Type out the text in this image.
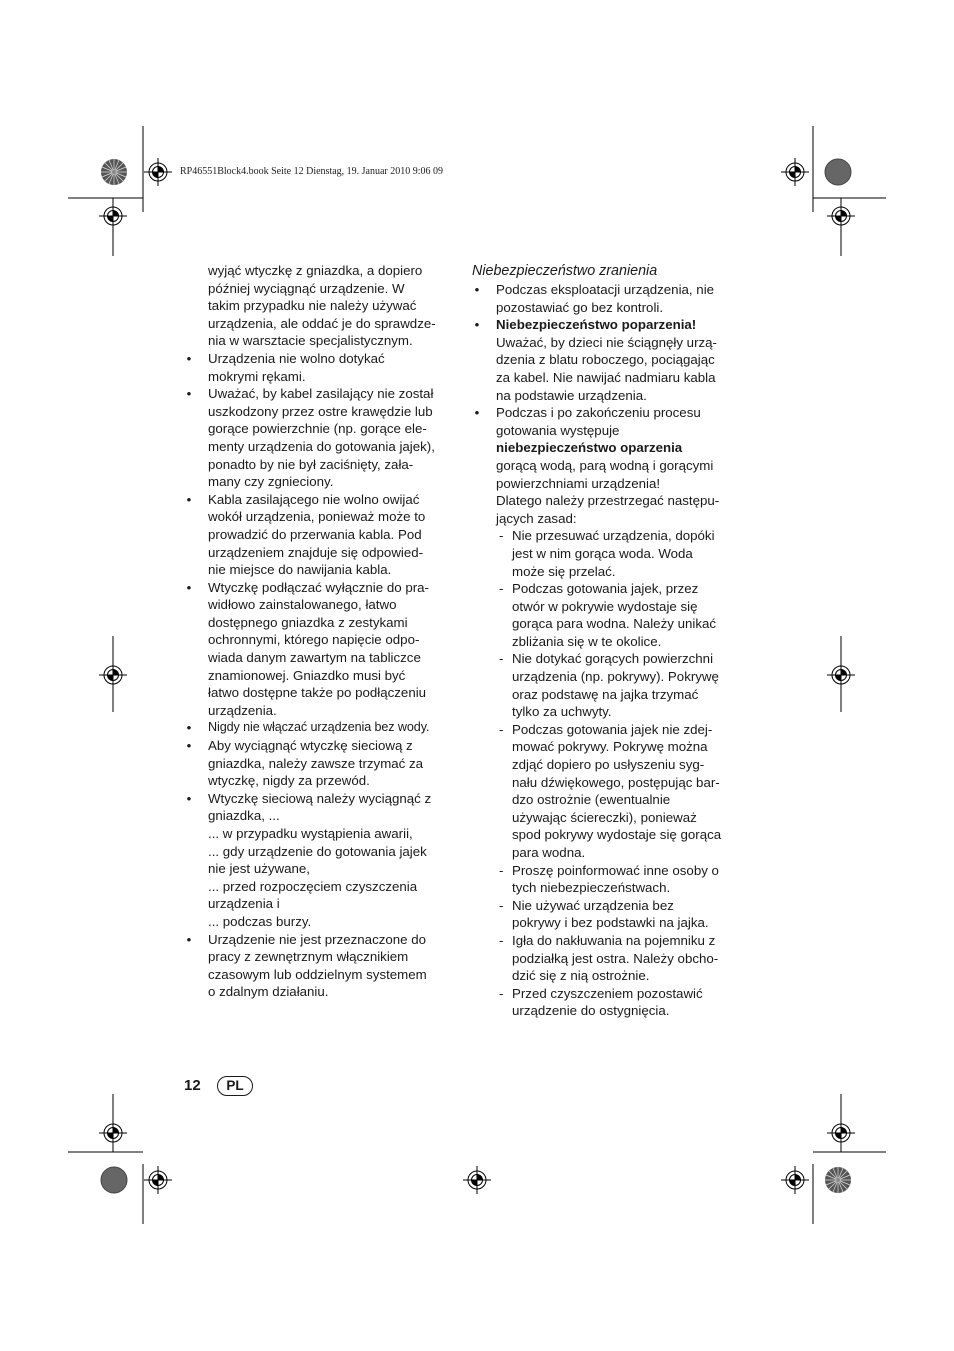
RP46551Block4.book Seite 12 Dienstag, 19. Januar 2010 9:06 09
wyjąć wtyczkę z gniazdka, a dopiero
później wyciągnąć urządzenie. W
takim przypadku nie należy używać
urządzenia, ale oddać je do sprawdze-
nia w warsztacie specjalistycznym.
• Urządzenia nie wolno dotykać
mokrymi rękami.
• Uważać, by kabel zasilający nie został
uszkodzony przez ostre krawędzie lub
gorące powierzchnie (np. gorące ele-
menty urządzenia do gotowania jajek),
ponadto by nie był zaciśnięty, zała-
many czy zgnieciony.
• Kabla zasilającego nie wolno owijać
wokół urządzenia, ponieważ może to
prowadzić do przerwania kabla. Pod
urządzeniem znajduje się odpowied-
nie miejsce do nawijania kabla.
• Wtyczkę podłączać wyłącznie do pra-
widłowo zainstalowanego, łatwo
dostępnego gniazdka z zestykami
ochronnymi, którego napięcie odpo-
wiada danym zawartym na tabliczce
znamionowej. Gniazdko musi być
łatwo dostępne także po podłączeniu
urządzenia.
• Nigdy nie włączać urządzenia bez wody.
• Aby wyciągnąć wtyczkę sieciową z
gniazdka, należy zawsze trzymać za
wtyczkę, nigdy za przewód.
• Wtyczkę sieciową należy wyciągnąć z
gniazdka, ...
... w przypadku wystąpienia awarii,
... gdy urządzenie do gotowania jajek
nie jest używane,
... przed rozpoczęciem czyszczenia
urządzenia i
... podczas burzy.
• Urządzenie nie jest przeznaczone do
pracy z zewnętrznym włącznikiem
czasowym lub oddzielnym systemem
o zdalnym działaniu.
Niebezpieczeństwo zranienia
• Podczas eksploatacji urządzenia, nie
pozostawiać go bez kontroli.
• Niebezpieczeństwo poparzenia!
Uważać, by dzieci nie ściągnęły urzą-
dzenia z blatu roboczego, pociągając
za kabel. Nie nawijać nadmiaru kabla
na podstawie urządzenia.
• Podczas i po zakończeniu procesu
gotowania występuje
niebezpieczeństwo oparzenia
gorącą wodą, parą wodną i gorącymi
powierzchniami urządzenia!
Dlatego należy przestrzegać następu-
jących zasad:
- Nie przesuwać urządzenia, dopóki
jest w nim gorąca woda. Woda
może się przelać.
- Podczas gotowania jajek, przez
otwór w pokrywie wydostaje się
gorąca para wodna. Należy unikać
zbliżania się w te okolice.
- Nie dotykać gorących powierzchni
urządzenia (np. pokrywy). Pokrywę
oraz podstawę na jajka trzymać
tylko za uchwyty.
- Podczas gotowania jajek nie zdej-
mować pokrywy. Pokrywę można
zdjąć dopiero po usłyszeniu syg-
nału dźwiękowego, postępując bar-
dzo ostrożnie (ewentualnie
używając ściereczki), ponieważ
spod pokrywy wydostaje się gorąca
para wodna.
- Proszę poinformować inne osoby o
tych niebezpieczeństwach.
- Nie używać urządzenia bez
pokrywy i bez podstawki na jajka.
- Igła do nakłuwania na pojemniku z
podziałką jest ostra. Należy obcho-
dzić się z nią ostrożnie.
- Przed czyszczeniem pozostawić
urządzenie do ostygnięcia.
12	PL
